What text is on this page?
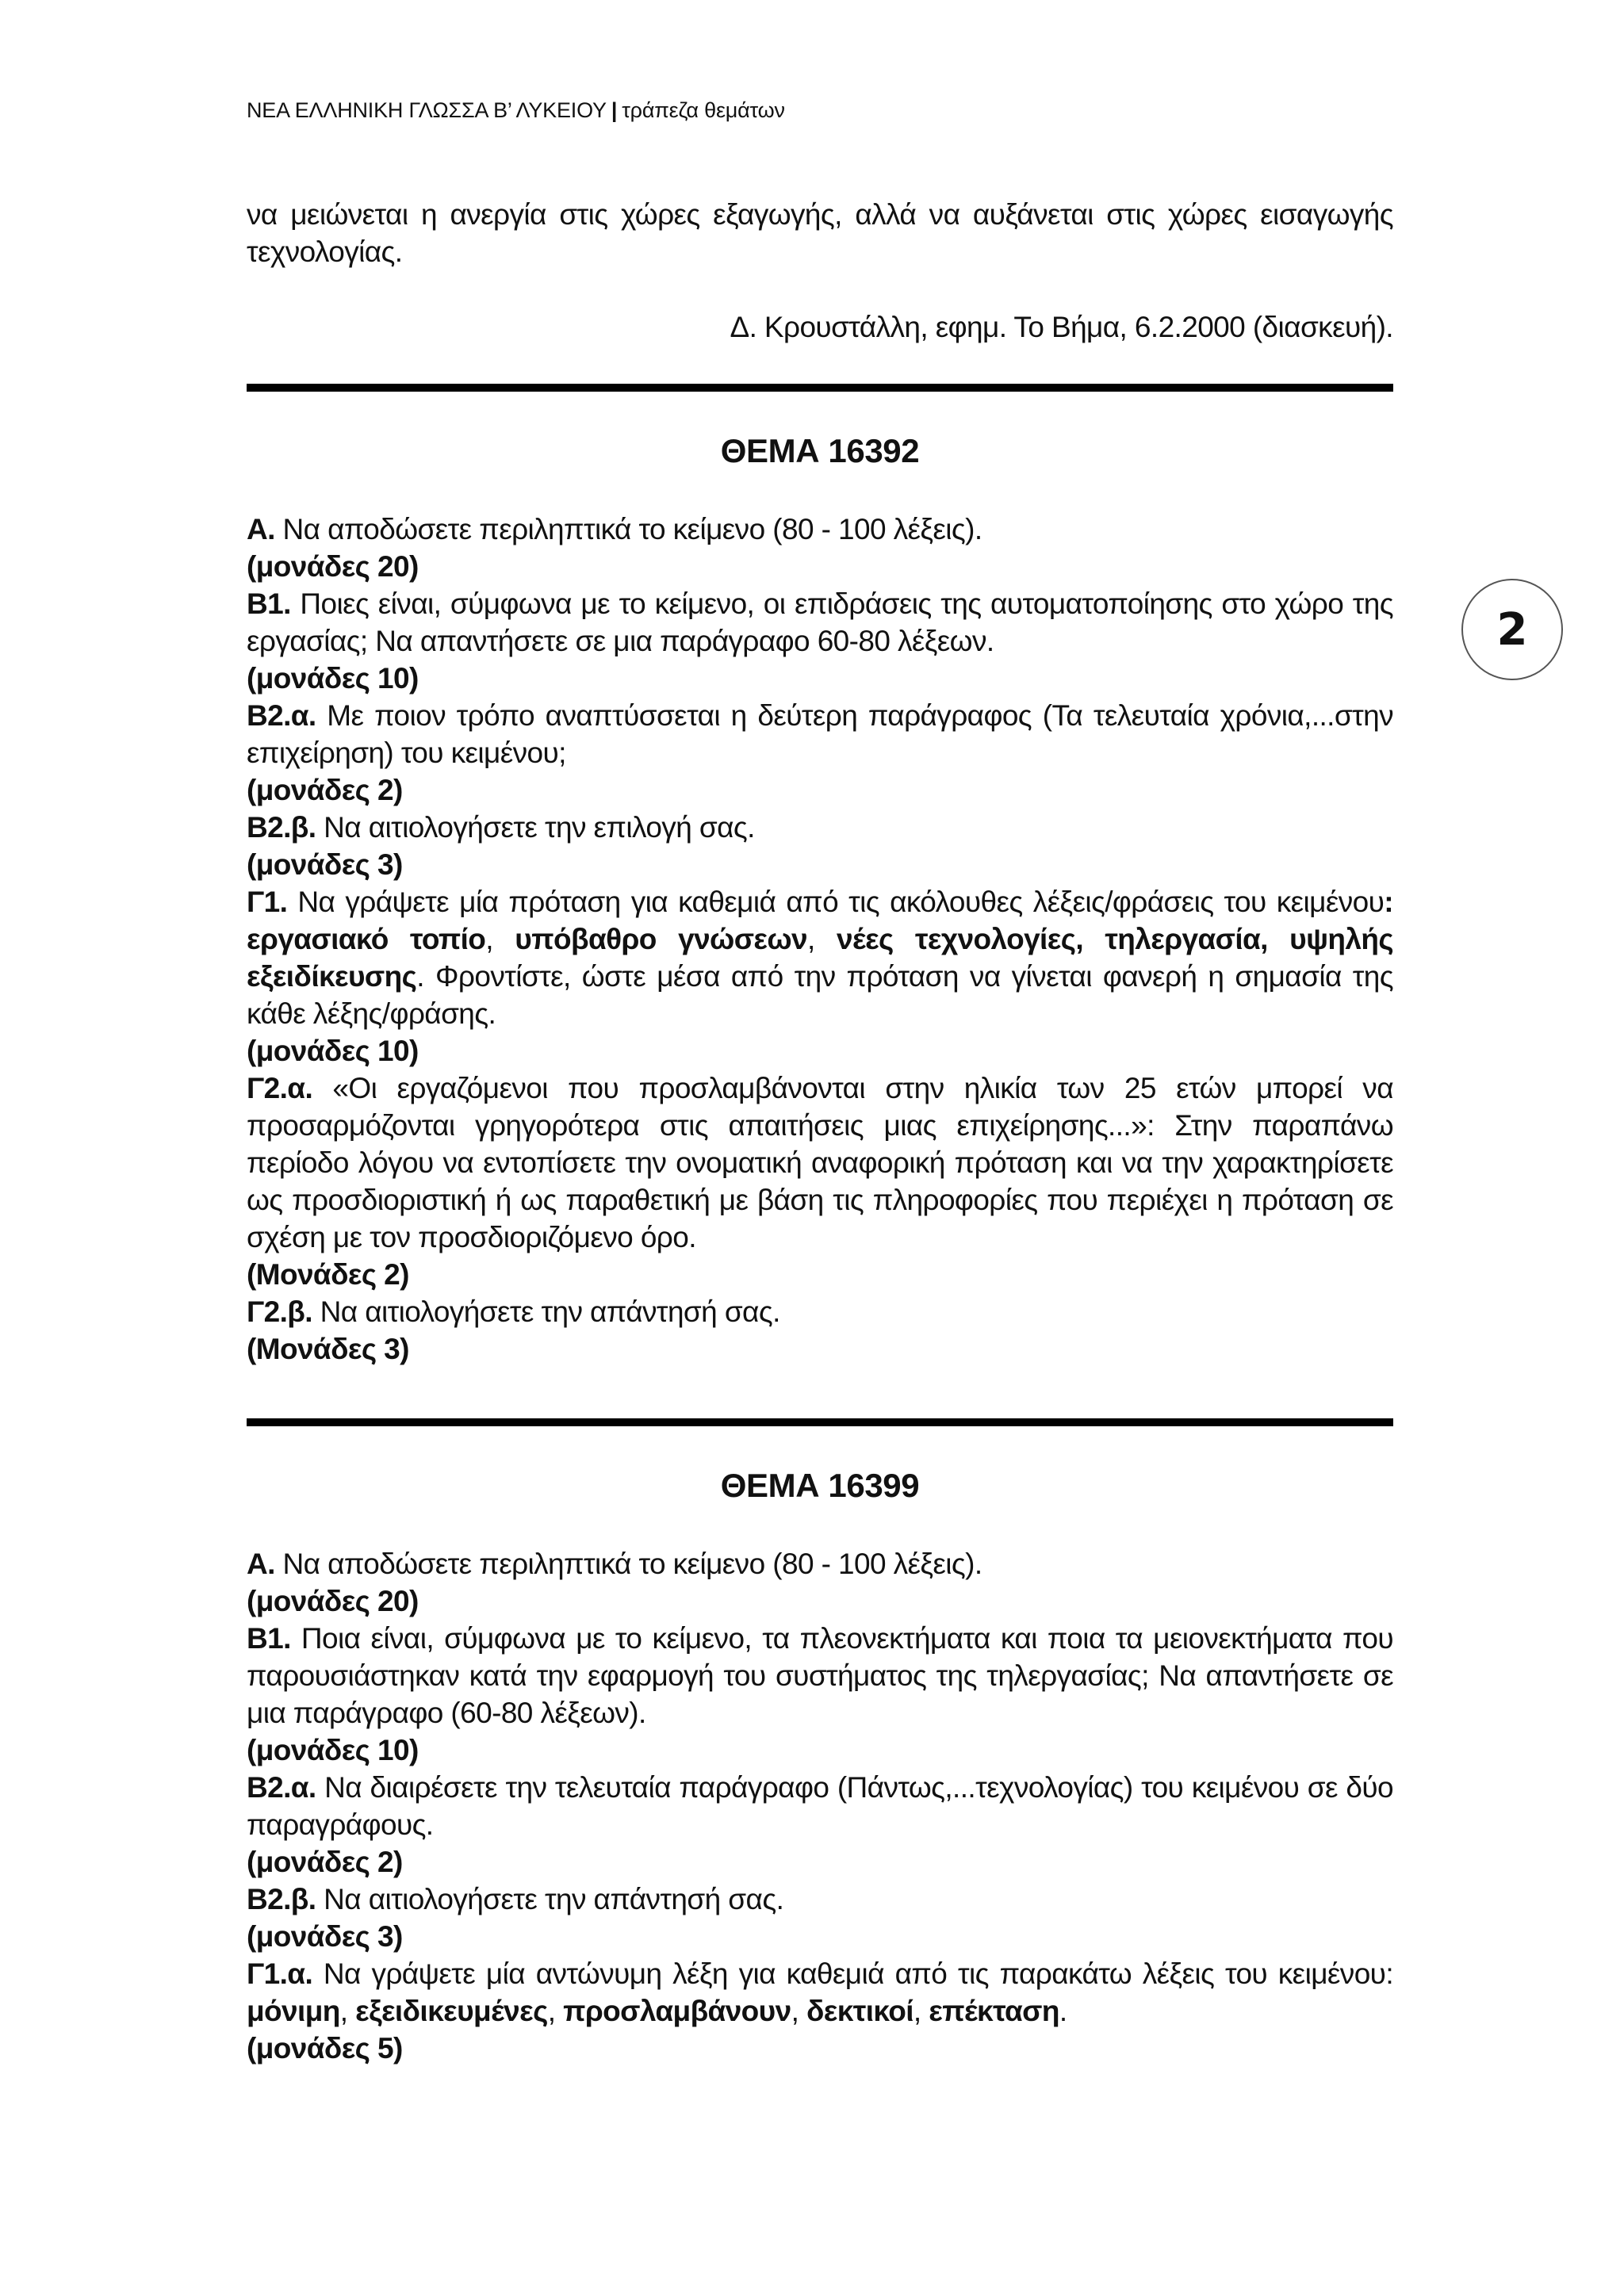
ΝΕΑ ΕΛΛΗΝΙΚΗ ΓΛΩΣΣΑ Β’ ΛΥΚΕΙΟΥ | τράπεζα θεμάτων
να μειώνεται η ανεργία στις χώρες εξαγωγής, αλλά να αυξάνεται στις χώρες εισαγωγής τεχνολογίας.
Δ. Κρουστάλλη, εφημ. Το Βήμα, 6.2.2000 (διασκευή).
ΘΕΜΑ 16392

Α. Να αποδώσετε περιληπτικά το κείμενο (80 - 100 λέξεις).

(μονάδες 20)

Β1. Ποιες είναι, σύμφωνα με το κείμενο, οι επιδράσεις της αυτοματοποίησης στο χώρο της εργασίας; Να απαντήσετε σε μια παράγραφο 60-80 λέξεων.

(μονάδες 10)

Β2.α. Με ποιον τρόπο αναπτύσσεται η δεύτερη παράγραφος (Τα τελευταία χρόνια,...στην επιχείρηση) του κειμένου;

(μονάδες 2)

Β2.β. Να αιτιολογήσετε την επιλογή σας.

(μονάδες 3)

Γ1. Να γράψετε μία πρόταση για καθεμιά από τις ακόλουθες λέξεις/φράσεις του κειμένου: εργασιακό τοπίο, υπόβαθρο γνώσεων, νέες τεχνολογίες, τηλεργασία, υψηλής εξειδίκευσης. Φροντίστε, ώστε μέσα από την πρόταση να γίνεται φανερή η σημασία της κάθε λέξης/φράσης.

(μονάδες 10)

Γ2.α. «Οι εργαζόμενοι που προσλαμβάνονται στην ηλικία των 25 ετών μπορεί να προσαρμόζονται γρηγορότερα στις απαιτήσεις μιας επιχείρησης...»: Στην παραπάνω περίοδο λόγου να εντοπίσετε την ονοματική αναφορική πρόταση και να την χαρακτηρίσετε ως προσδιοριστική ή ως παραθετική με βάση τις πληροφορίες που περιέχει η πρόταση σε σχέση με τον προσδιοριζόμενο όρο.

(Μονάδες 2)

Γ2.β. Να αιτιολογήσετε την απάντησή σας.

(Μονάδες 3)

2
ΘΕΜΑ 16399

Α. Να αποδώσετε περιληπτικά το κείμενο (80 - 100 λέξεις).

(μονάδες 20)

Β1. Ποια είναι, σύμφωνα με το κείμενο, τα πλεονεκτήματα και ποια τα μειονεκτήματα που παρουσιάστηκαν κατά την εφαρμογή του συστήματος της τηλεργασίας; Να απαντήσετε σε μια παράγραφο (60-80 λέξεων).

(μονάδες 10)

Β2.α. Να διαιρέσετε την τελευταία παράγραφο (Πάντως,...τεχνολογίας) του κειμένου σε δύο παραγράφους.

(μονάδες 2)

Β2.β. Να αιτιολογήσετε την απάντησή σας.

(μονάδες 3)

Γ1.α. Να γράψετε μία αντώνυμη λέξη για καθεμιά από τις παρακάτω λέξεις του κειμένου: μόνιμη, εξειδικευμένες, προσλαμβάνουν, δεκτικοί, επέκταση.

(μονάδες 5)
